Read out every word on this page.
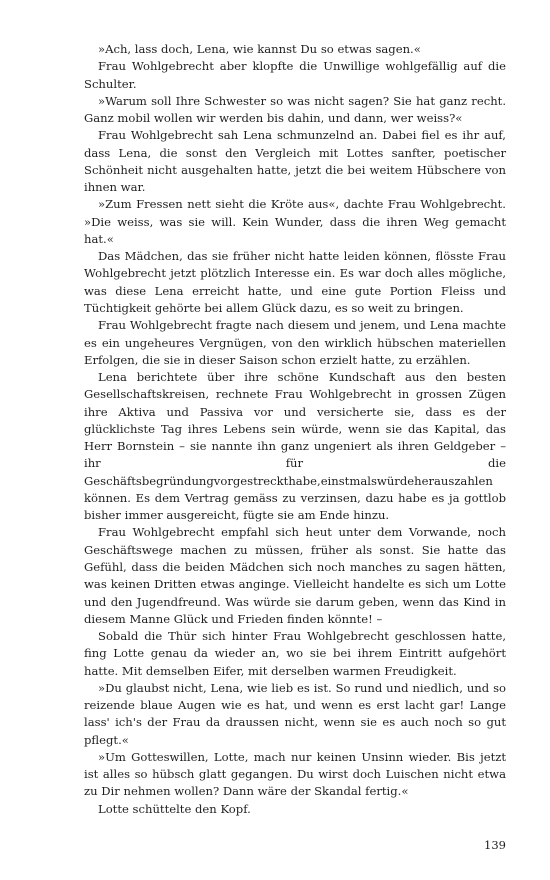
»Ach, lass doch, Lena, wie kannst Du so etwas sagen.«

Frau Wohlgebrecht aber klopfte die Unwillige wohlgefällig auf die Schulter.

»Warum soll Ihre Schwester so was nicht sagen? Sie hat ganz recht. Ganz mobil wollen wir werden bis dahin, und dann, wer weiss?«

Frau Wohlgebrecht sah Lena schmunzelnd an. Dabei fiel es ihr auf, dass Lena, die sonst den Vergleich mit Lottes sanfter, poetischer Schönheit nicht ausgehalten hatte, jetzt die bei weitem Hübschere von ihnen war.

»Zum Fressen nett sieht die Kröte aus«, dachte Frau Wohlgebrecht. »Die weiss, was sie will. Kein Wunder, dass die ihren Weg gemacht hat.«

Das Mädchen, das sie früher nicht hatte leiden können, flösste Frau Wohlgebrecht jetzt plötzlich Interesse ein. Es war doch alles mögliche, was diese Lena erreicht hatte, und eine gute Portion Fleiss und Tüchtigkeit gehörte bei allem Glück dazu, es so weit zu bringen.

Frau Wohlgebrecht fragte nach diesem und jenem, und Lena machte es ein ungeheures Vergnügen, von den wirklich hübschen materiellen Erfolgen, die sie in dieser Saison schon erzielt hatte, zu erzählen.

Lena berichtete über ihre schöne Kundschaft aus den besten Gesellschaftskreisen, rechnete Frau Wohlgebrecht in grossen Zügen ihre Aktiva und Passiva vor und versicherte sie, dass es der glücklichste Tag ihres Lebens sein würde, wenn sie das Kapital, das Herr Bornstein – sie nannte ihn ganz ungeniert als ihren Geldgeber – ihr für die Geschäftsbegründungvorgestreckthabe,einstmalswürdeherauszahlen können. Es dem Vertrag gemäss zu verzinsen, dazu habe es ja gottlob bisher immer ausgereicht, fügte sie am Ende hinzu.

Frau Wohlgebrecht empfahl sich heut unter dem Vorwande, noch Geschäftswege machen zu müssen, früher als sonst. Sie hatte das Gefühl, dass die beiden Mädchen sich noch manches zu sagen hätten, was keinen Dritten etwas anginge. Vielleicht handelte es sich um Lotte und den Jugendfreund. Was würde sie darum geben, wenn das Kind in diesem Manne Glück und Frieden finden könnte! –

Sobald die Thür sich hinter Frau Wohlgebrecht geschlossen hatte, fing Lotte genau da wieder an, wo sie bei ihrem Eintritt aufgehört hatte. Mit demselben Eifer, mit derselben warmen Freudigkeit.

»Du glaubst nicht, Lena, wie lieb es ist. So rund und niedlich, und so reizende blaue Augen wie es hat, und wenn es erst lacht gar! Lange lass' ich's der Frau da draussen nicht, wenn sie es auch noch so gut pflegt.«

»Um Gotteswillen, Lotte, mach nur keinen Unsinn wieder. Bis jetzt ist alles so hübsch glatt gegangen. Du wirst doch Luischen nicht etwa zu Dir nehmen wollen? Dann wäre der Skandal fertig.«

Lotte schüttelte den Kopf.

139
